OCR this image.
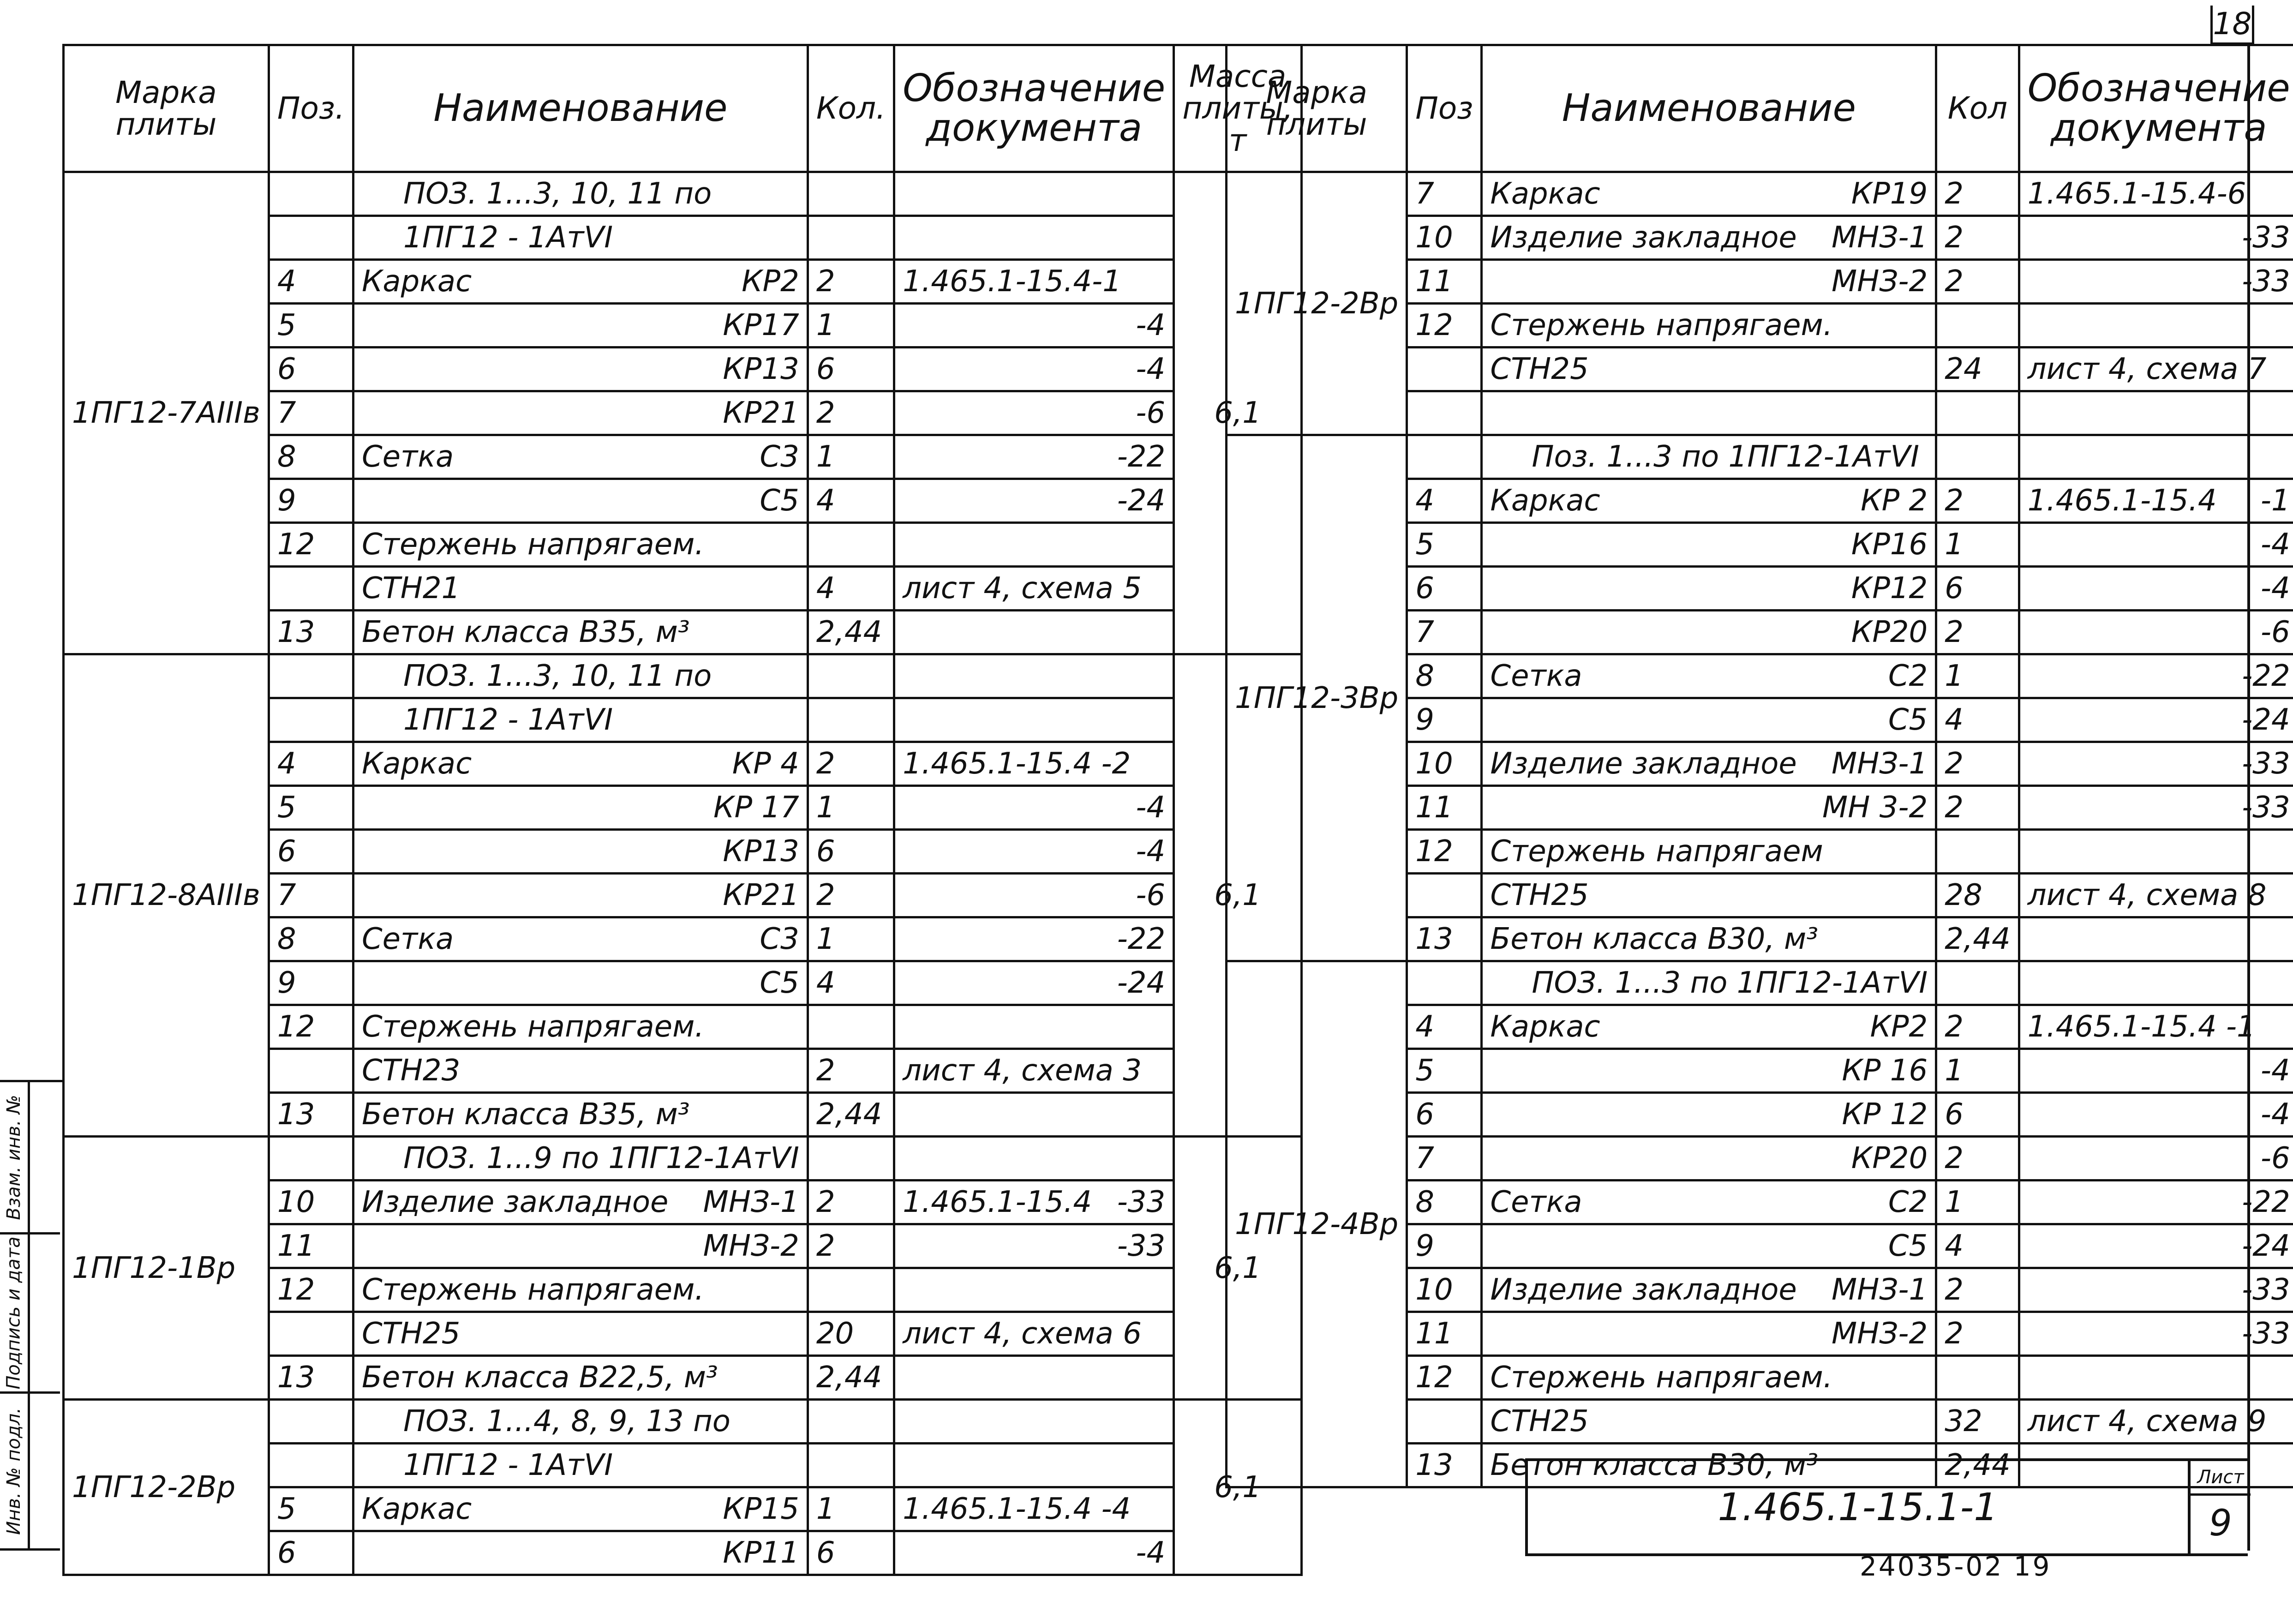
18
Марка плиты	Поз.	Наименование	Кол.	Обозначение документа	Масса плиты, т
1ПГ12-7АIIIв		ПОЗ. 1...3, 10, 11 по			6,1

		1ПГ12 - 1АтVI			

	4	Каркас КР2	2	1.465.1-15.4-1	

	5	КР17	1	-4	

	6	КР13	6	-4	

	7	КР21	2	-6	

	8	Сетка С3	1	-22	

	9	С5	4	-24	

	12	Стержень напрягаем.			

		СТН21	4	лист 4, схема 5	

	13	Бетон класса В35, м³	2,44		

1ПГ12-8АIIIв		ПОЗ. 1...3, 10, 11 по			6,1

		1ПГ12 - 1АтVI			

	4	Каркас КР 4	2	1.465.1-15.4 -2	

	5	КР 17	1	-4	

	6	КР13	6	-4	

	7	КР21	2	-6	

	8	Сетка С3	1	-22	

	9	С5	4	-24	

	12	Стержень напрягаем.			

		СТН23	2	лист 4, схема 3	

	13	Бетон класса В35, м³	2,44		

1ПГ12-1Вр		ПОЗ. 1...9 по 1ПГ12-1АтVI			6,1
	10	Изделие закладное МНЗ-1	2	1.465.1-15.4 -33	

	11	МНЗ-2	2	-33	

	12	Стержень напрягаем.			

		СТН25	20	лист 4, схема 6	

	13	Бетон класса В22,5, м³	2,44		

1ПГ12-2Вр		ПОЗ. 1...4, 8, 9, 13 по			6,1

		1ПГ12 - 1АтVI			

	5	Каркас КР15	1	1.465.1-15.4 -4	

	6	КР11	6	-4	
Марка плиты	Поз	Наименование	Кол	Обозначение документа	
1ПГ12-2Вр	7	Каркас КР19	2	1.465.1-15.4-6

	10	Изделие закладное МНЗ-1	2	-33	

	11	МНЗ-2	2	-33	

	12	Стержень напрягаем.			

		СТН25	24	лист 4, схема 7	

1ПГ12-3Вр		Поз. 1...3 по 1ПГ12-1АтVI

	4	Каркас КР 2	2	1.465.1-15.4 -1	

	5	КР16	1	-4	

	6	КР12	6	-4	

	7	КР20	2	-6	

	8	Сетка С2	1	-22	

	9	С5	4	-24	

	10	Изделие закладное МНЗ-1	2	-33	

	11	МН 3-2	2	-33	

	12	Стержень напрягаем			

		СТН25	28	лист 4, схема 8	

	13	Бетон класса В30, м³	2,44		

1ПГ12-4Вр		ПОЗ. 1...3 по 1ПГ12-1АтVI

	4	Каркас КР2	2	1.465.1-15.4 -1	

	5	КР 16	1	-4	

	6	КР 12	6	-4	

	7	КР20	2	-6	

	8	Сетка С2	1	-22	

	9	С5	4	-24	

	10	Изделие закладное МНЗ-1	2	-33	

	11	МНЗ-2	2	-33	

	12	Стержень напрягаем.			

		СТН25	32	лист 4, схема 9	

	13	Бетон класса В30, м³	2,44		
1.465.1-15.1-1
Лист
9
24035-02 19
Взам. инв. №
Подпись и дата
Инв. № подл.
